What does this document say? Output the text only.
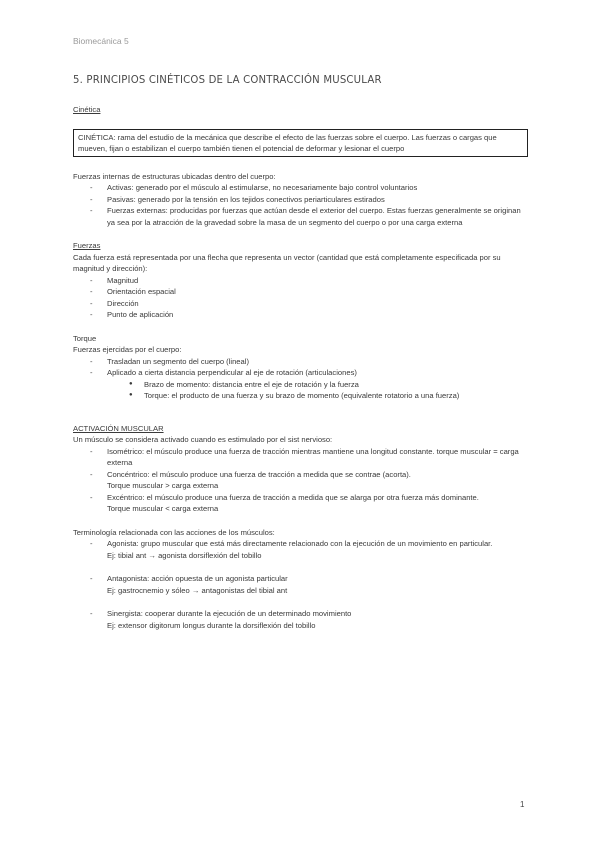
Biomecánica 5
5. PRINCIPIOS CINÉTICOS DE LA CONTRACCIÓN MUSCULAR

Cinética

CINÉTICA: rama del estudio de la mecánica que describe el efecto de las fuerzas sobre el cuerpo. Las fuerzas o cargas que mueven, fijan o estabilizan el cuerpo también tienen el potencial de deformar y lesionar el cuerpo

Fuerzas internas de estructuras ubicadas dentro del cuerpo:

- Activas: generado por el músculo al estimularse, no necesariamente bajo control voluntarios
- Pasivas: generado por la tensión en los tejidos conectivos periarticulares estirados
- Fuerzas externas: producidas por fuerzas que actúan desde el exterior del cuerpo. Estas fuerzas generalmente se originan ya sea por la atracción de la gravedad sobre la masa de un segmento del cuerpo o por una carga externa

Fuerzas

Cada fuerza está representada por una flecha que representa un vector (cantidad que está completamente especificada por su magnitud y dirección):

- Magnitud
- Orientación espacial
- Dirección
- Punto de aplicación

Torque

Fuerzas ejercidas por el cuerpo:

- Trasladan un segmento del cuerpo (lineal)
- Aplicado a cierta distancia perpendicular al eje de rotación (articulaciones)
● Brazo de momento: distancia entre el eje de rotación y la fuerza
● Torque: el producto de una fuerza y su brazo de momento (equivalente rotatorio a una fuerza)

ACTIVACIÓN MUSCULAR

Un músculo se considera activado cuando es estimulado por el sist nervioso:

- Isométrico: el músculo produce una fuerza de tracción mientras mantiene una longitud constante. torque muscular = carga externa
- Concéntrico: el músculo produce una fuerza de tracción a medida que se contrae (acorta).
Torque muscular > carga externa
- Excéntrico: el músculo produce una fuerza de tracción a medida que se alarga por otra fuerza más dominante.
Torque muscular < carga externa

Terminología relacionada con las acciones de los músculos:

- Agonista: grupo muscular que está más directamente relacionado con la ejecución de un movimiento en particular.
Ej: tibial ant → agonista dorsiflexión del tobillo
- Antagonista: acción opuesta de un agonista particular
Ej: gastrocnemio y sóleo → antagonistas del tibial ant
- Sinergista: cooperar durante la ejecución de un determinado movimiento
Ej: extensor digitorum longus durante la dorsiflexión del tobillo
1
